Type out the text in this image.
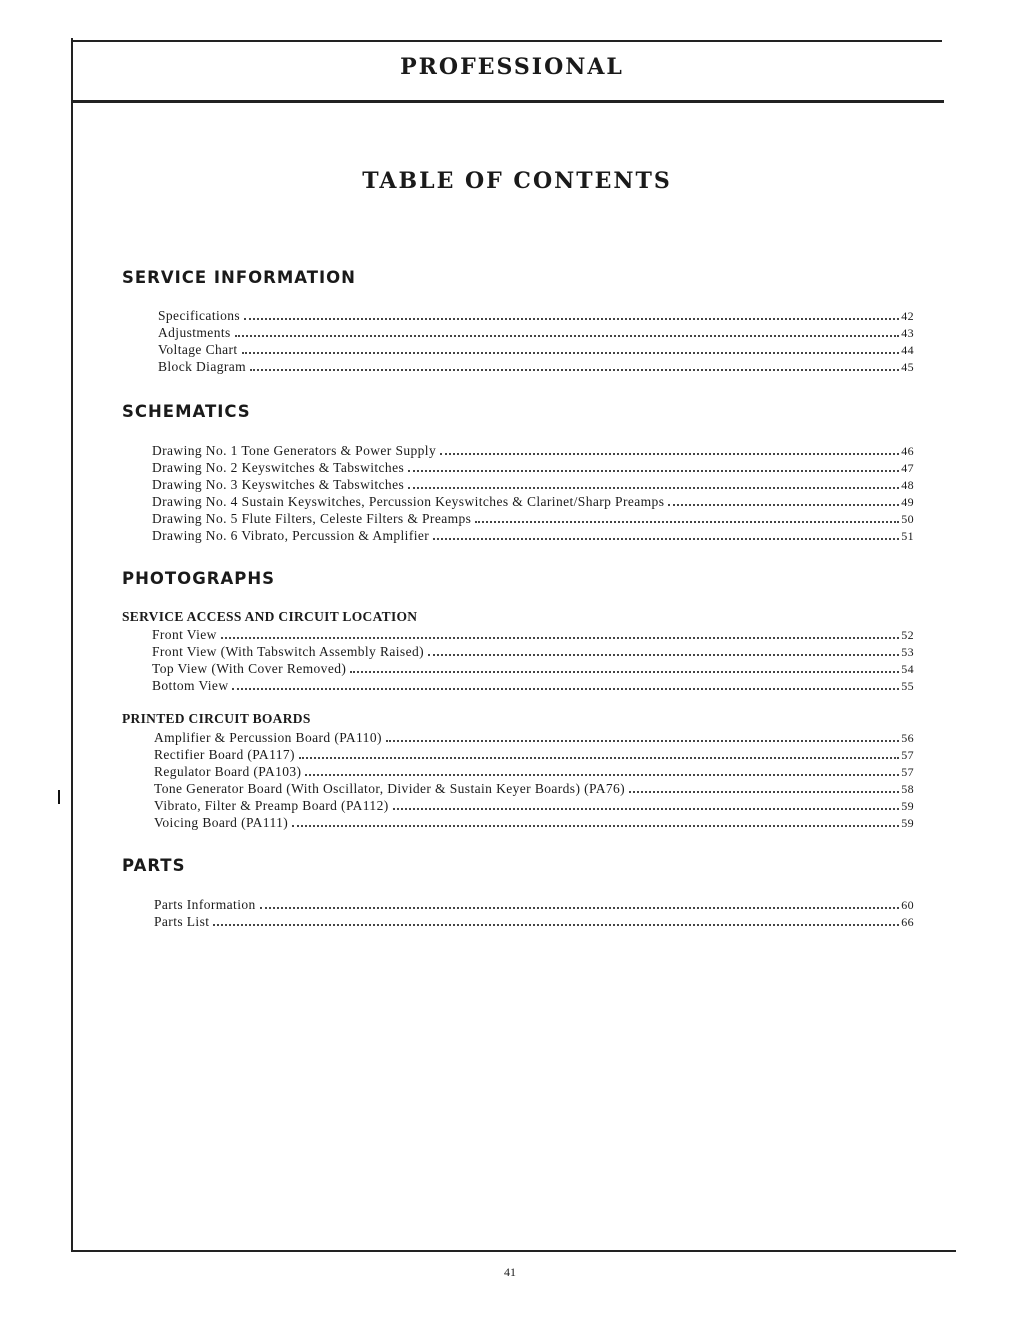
PROFESSIONAL
TABLE OF CONTENTS
SERVICE INFORMATION
Specifications	42
Adjustments	43
Voltage Chart	44
Block Diagram	45
SCHEMATICS
Drawing No. 1 Tone Generators & Power Supply	46
Drawing No. 2 Keyswitches & Tabswitches	47
Drawing No. 3 Keyswitches & Tabswitches	48
Drawing No. 4 Sustain Keyswitches, Percussion Keyswitches & Clarinet/Sharp Preamps	49
Drawing No. 5 Flute Filters, Celeste Filters & Preamps	50
Drawing No. 6 Vibrato, Percussion & Amplifier	51
PHOTOGRAPHS
SERVICE ACCESS AND CIRCUIT LOCATION
Front View	52
Front View (With Tabswitch Assembly Raised)	53
Top View (With Cover Removed)	54
Bottom View	55
PRINTED CIRCUIT BOARDS
Amplifier & Percussion Board (PA110)	56
Rectifier Board (PA117)	57
Regulator Board (PA103)	57
Tone Generator Board (With Oscillator, Divider & Sustain Keyer Boards) (PA76)	58
Vibrato, Filter & Preamp Board (PA112)	59
Voicing Board (PA111)	59
PARTS
Parts Information	60
Parts List	66
41
